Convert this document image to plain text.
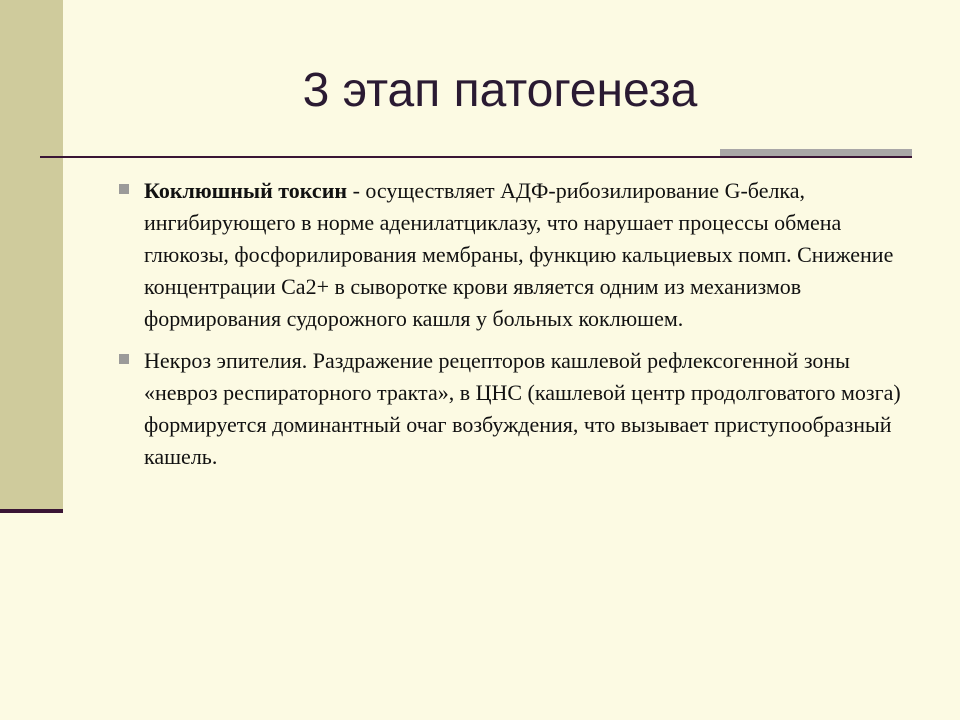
3 этап патогенеза
Коклюшный токсин - осуществляет АДФ-рибозилирование G-белка, ингибирующего в норме аденилатциклазу, что нарушает процессы обмена глюкозы, фосфорилирования мембраны, функцию кальциевых помп. Снижение концентрации Са2+ в сыворотке крови является одним из механизмов формирования судорожного кашля у больных коклюшем.
Некроз эпителия. Раздражение рецепторов кашлевой рефлексогенной зоны «невроз респираторного тракта», в ЦНС (кашлевой центр продолговатого мозга) формируется доминантный очаг возбуждения, что вызывает приступообразный кашель.
